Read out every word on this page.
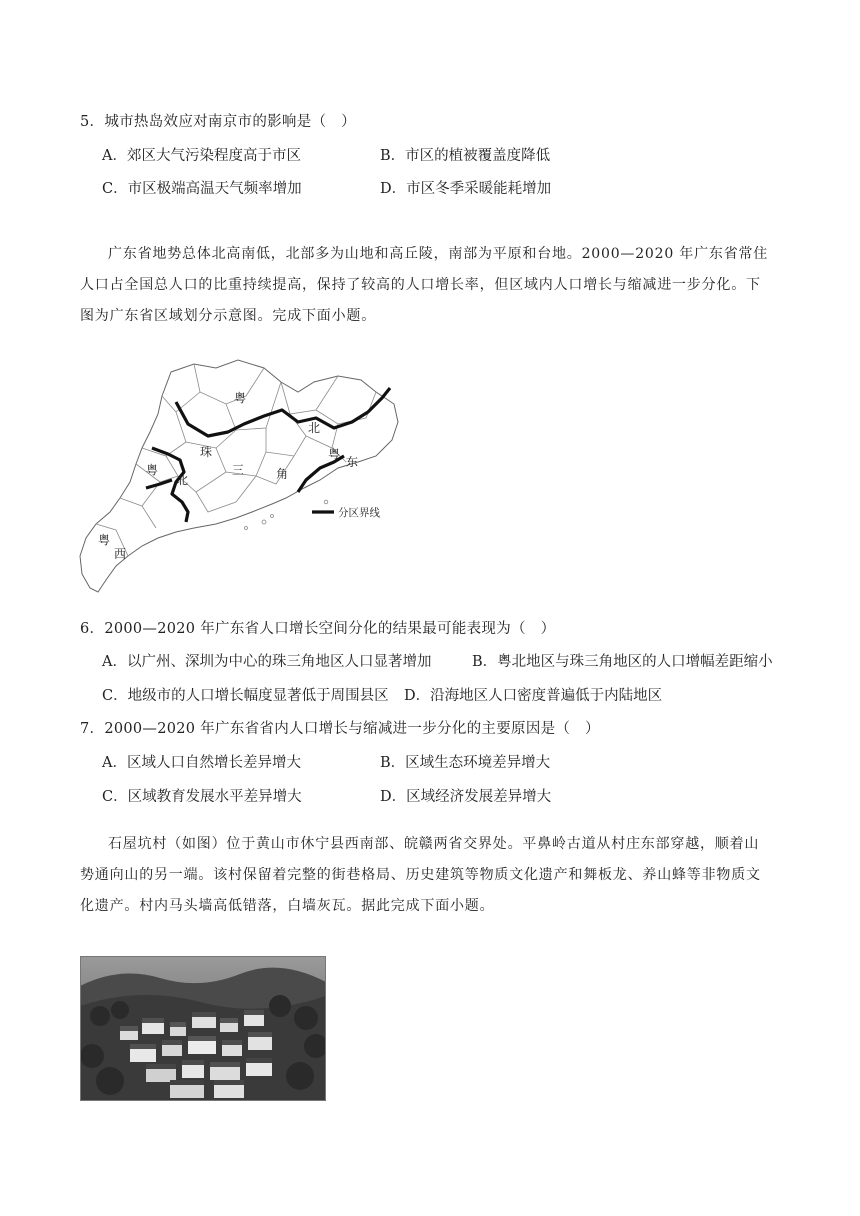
5．城市热岛效应对南京市的影响是（　）
A．郊区大气污染程度高于市区	B．市区的植被覆盖度降低
C．市区极端高温天气频率增加	D．市区冬季采暖能耗增加
广东省地势总体北高南低，北部多为山地和高丘陵，南部为平原和台地。2000—2020 年广东省常住
人口占全国总人口的比重持续提高，保持了较高的人口增长率，但区域内人口增长与缩减进一步分化。下
图为广东省区域划分示意图。完成下面小题。
粤
北
珠
三	角
粤
北
粤
东
粤
西
分区界线
6．2000—2020 年广东省人口增长空间分化的结果最可能表现为（　）
A．以广州、深圳为中心的珠三角地区人口显著增加	B．粤北地区与珠三角地区的人口增幅差距缩小
C．地级市的人口增长幅度显著低于周围县区 D．沿海地区人口密度普遍低于内陆地区
7．2000—2020 年广东省省内人口增长与缩减进一步分化的主要原因是（　）
A．区域人口自然增长差异增大	B．区域生态环境差异增大
C．区域教育发展水平差异增大	D．区域经济发展差异增大
石屋坑村（如图）位于黄山市休宁县西南部、皖赣两省交界处。平鼻岭古道从村庄东部穿越，顺着山
势通向山的另一端。该村保留着完整的街巷格局、历史建筑等物质文化遗产和舞板龙、养山蜂等非物质文
化遗产。村内马头墙高低错落，白墙灰瓦。据此完成下面小题。
